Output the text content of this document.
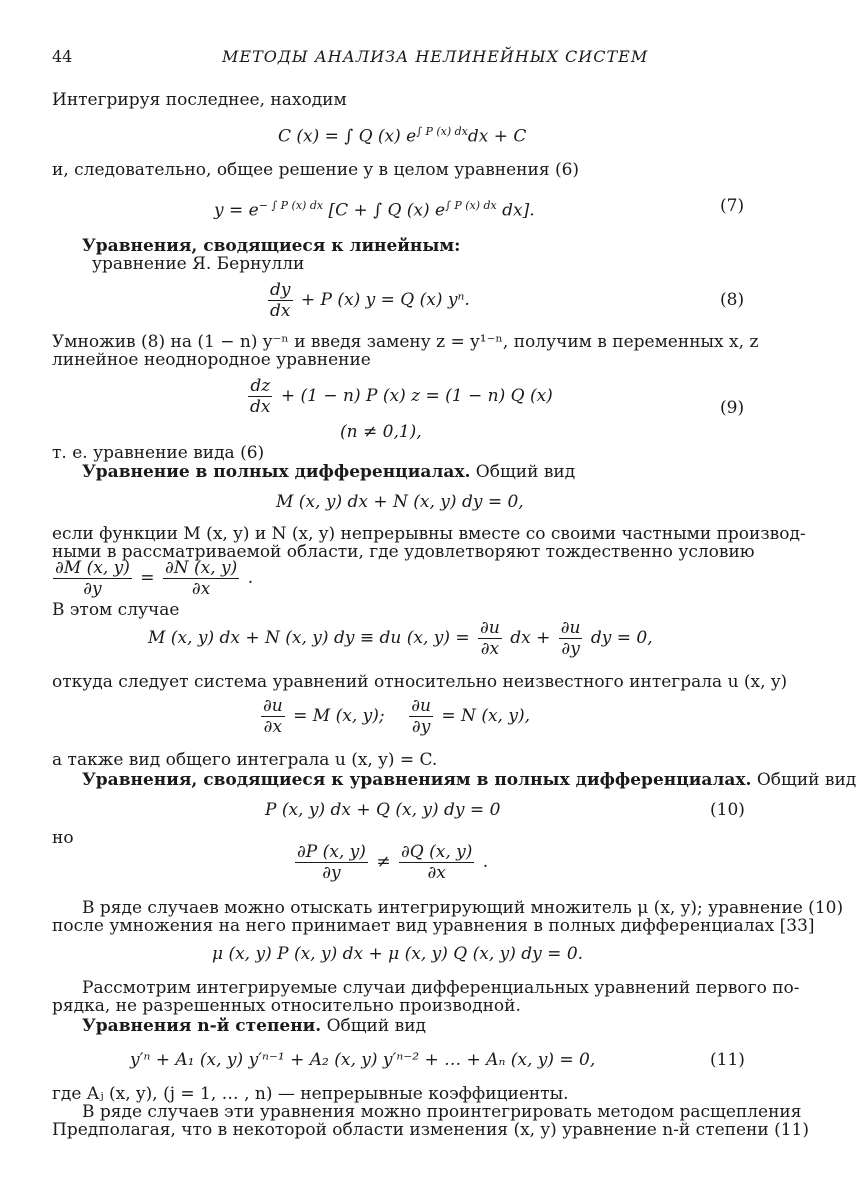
44	МЕТОДЫ АНАЛИЗА НЕЛИНЕЙНЫХ СИСТЕМ
Интегрируя последнее, находим
C (x) = ∫ Q (x) $e^{\int P (x) dx}dx + C$
и, следовательно, общее решение y в целом уравнения (6)
$y = e^{- \int P (x) dx}$ [C + ∫ Q (x) $e^{\int P (x) dx}$ dx].	(7)
Уравнения, сводящиеся к линейным:
уравнение Я. Бернулли
$\frac{dy}{dx} + P$ (x) y = Q (x) yⁿ.	(8)
Умножив (8) на (1 − n) y⁻ⁿ и введя замену z = y¹⁻ⁿ, получим в переменных x, z
линейное неоднородное уравнение
$\frac{dz}{dx} + (1 - n)$ P (x) z = (1 − n) Q (x)
(n ≠ 0,1),
(9)
т. е. уравнение вида (6)
Уравнение в полных дифференциалах. Общий вид
M (x, y) dx + N (x, y) dy = 0,
если функции M (x, y) и N (x, y) непрерывны вместе со своими частными производ-
ными в рассматриваемой области, где удовлетворяют тождественно условию
$\frac{\partial M (x, y)}{\partial y} = \frac{\partial N (x, y)}{\partial x}$ .
В этом случае
M (x, y) dx + N (x, y) dy ≡ du (x, $y) = \frac{\partial u}{\partial x}$ dx + $\frac{\partial u}{\partial y}$ dy = 0,
откуда следует система уравнений относительно неизвестного интеграла u (x, y)
$\frac{\partial u}{\partial x} = M$ (x, y); $\frac{\partial u}{\partial y} = N$ (x, y),
а также вид общего интеграла u (x, y) = C.
Уравнения, сводящиеся к уравнениям в полных дифференциалах. Общий вид
P (x, y) dx + Q (x, y) dy = 0	(10)
но
$\frac{\partial P (x, y)}{\partial y} \ne \frac{\partial Q (x, y)}{\partial x}$ .
В ряде случаев можно отыскать интегрирующий множитель μ (x, y); уравнение (10)
после умножения на него принимает вид уравнения в полных дифференциалах [33]
μ (x, y) P (x, y) dx + μ (x, y) Q (x, y) dy = 0.
Рассмотрим интегрируемые случаи дифференциальных уравнений первого по-
рядка, не разрешенных относительно производной.
Уравнения n-й степени. Общий вид
y′ⁿ + A₁ (x, y) y′ⁿ⁻¹ + A₂ (x, y) y′ⁿ⁻² + … + Aₙ (x, y) = 0,	(11)
где Aⱼ (x, y), (j = 1, … , n) — непрерывные коэффициенты.
В ряде случаев эти уравнения можно проинтегрировать методом расщепления
Предполагая, что в некоторой области изменения (x, y) уравнение n-й степени (11)
